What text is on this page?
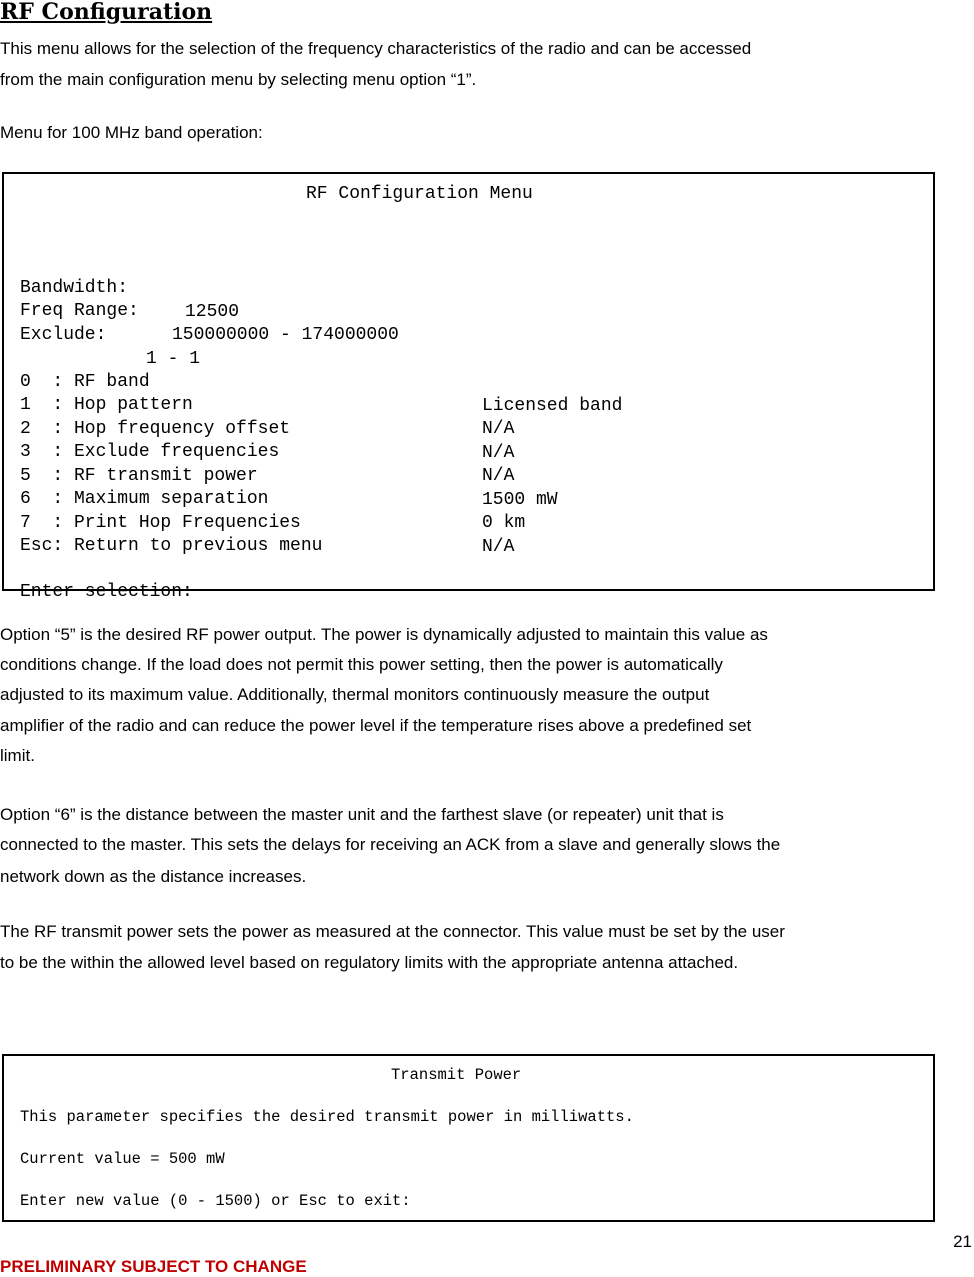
RF Configuration

This menu allows for the selection of the frequency characteristics of the radio and can be accessed

from the main configuration menu by selecting menu option “1”.

Menu for 100 MHz band operation:

RF Configuration Menu

Bandwidth:

12500

Freq Range:

150000000 - 174000000

Exclude:

1 - 1

0  : RF band

Licensed band

1  : Hop pattern

N/A

2  : Hop frequency offset

N/A

3  : Exclude frequencies

N/A

5  : RF transmit power

1500 mW

6  : Maximum separation

0 km

7  : Print Hop Frequencies

N/A

Esc: Return to previous menu

Enter selection:

Option “5” is the desired RF power output. The power is dynamically adjusted to maintain this value as

conditions change. If the load does not permit this power setting, then the power is automatically

adjusted to its maximum value. Additionally, thermal monitors continuously measure the output

amplifier of the radio and can reduce the power level if the temperature rises above a predefined set

limit.

Option “6” is the distance between the master unit and the farthest slave (or repeater) unit that is

connected to the master. This sets the delays for receiving an ACK from a slave and generally slows the

network down as the distance increases.

The RF transmit power sets the power as measured at the connector. This value must be set by the user

to be the within the allowed level based on regulatory limits with the appropriate antenna attached.

Transmit Power
This parameter specifies the desired transmit power in milliwatts.
Current value = 500 mW
Enter new value (0 - 1500) or Esc to exit:
21
PRELIMINARY SUBJECT TO CHANGE
